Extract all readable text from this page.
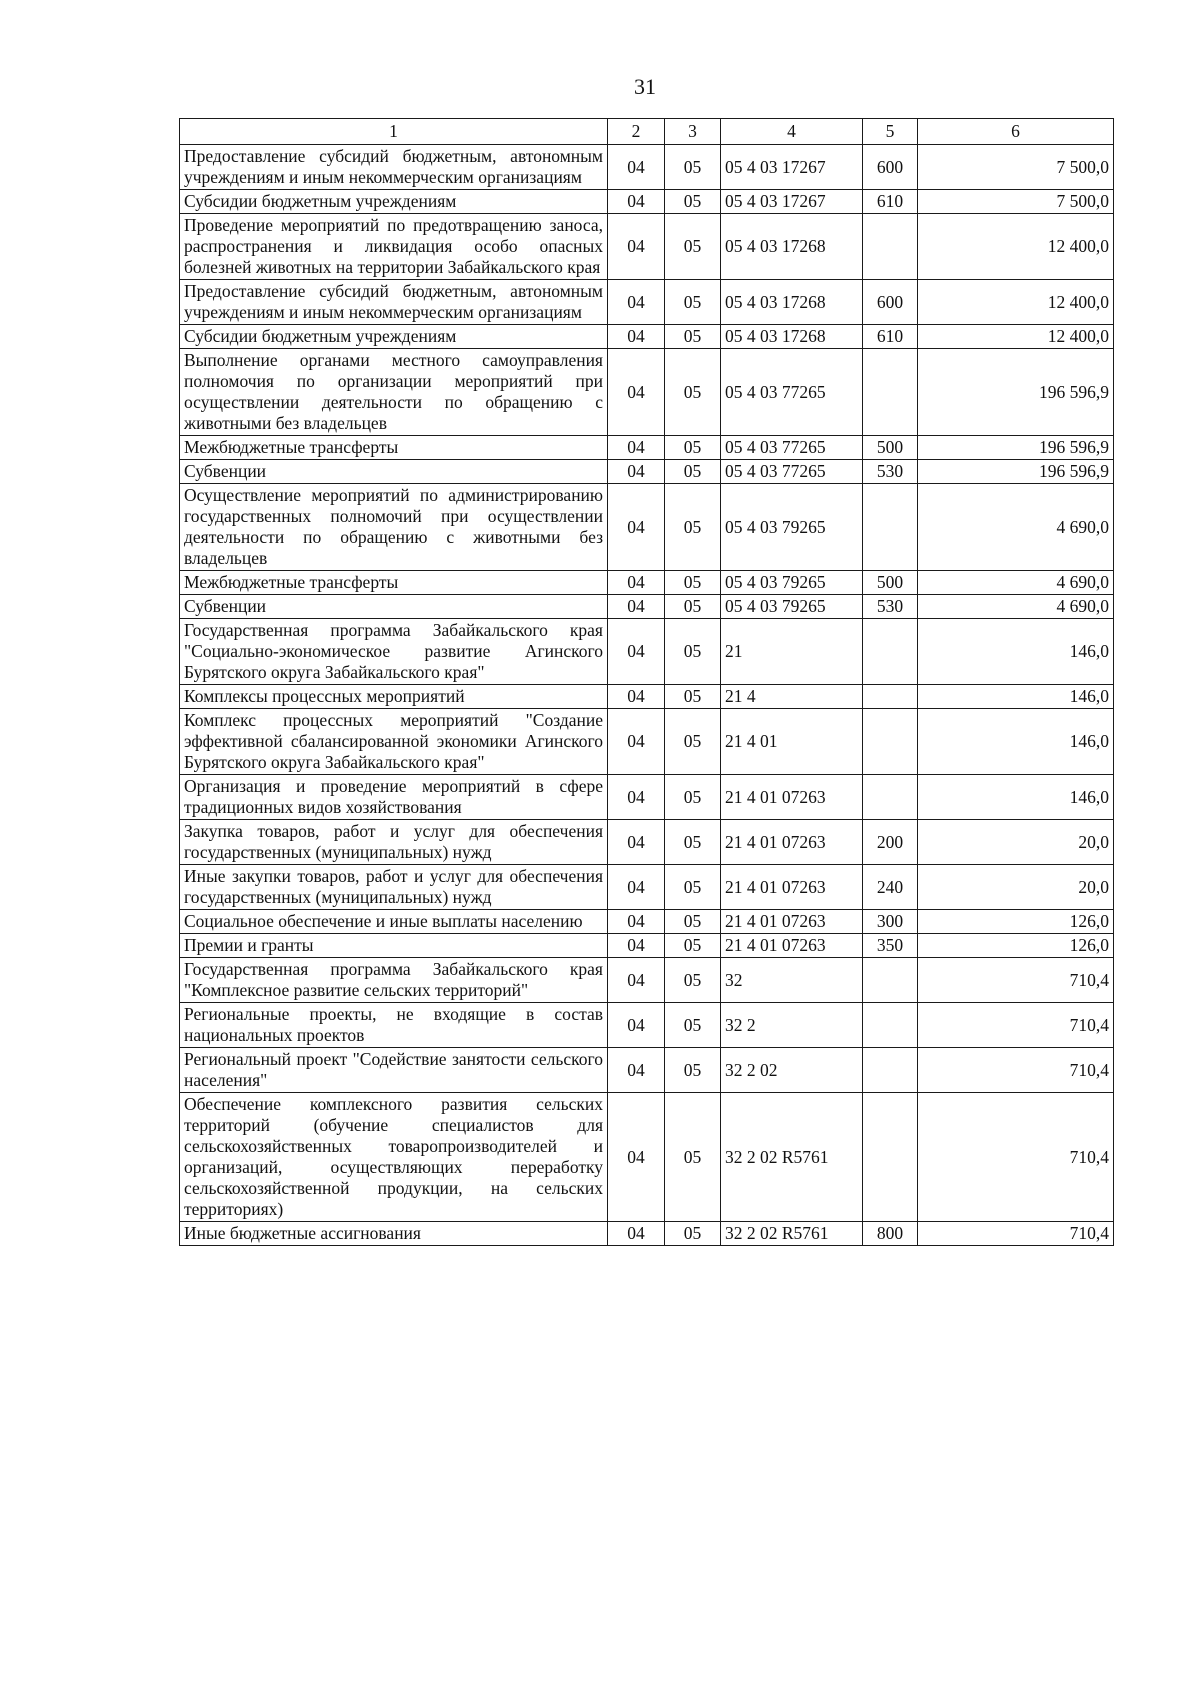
31
1	2	3	4	5	6
Предоставление субсидий бюджетным, автономным учреждениям и иным некоммерческим организациям	04	05	05 4 03 17267	600	7 500,0
Субсидии бюджетным учреждениям	04	05	05 4 03 17267	610	7 500,0
Проведение мероприятий по предотвращению заноса, распространения и ликвидация особо опасных болезней животных на территории Забайкальского края	04	05	05 4 03 17268		12 400,0
Предоставление субсидий бюджетным, автономным учреждениям и иным некоммерческим организациям	04	05	05 4 03 17268	600	12 400,0
Субсидии бюджетным учреждениям	04	05	05 4 03 17268	610	12 400,0
Выполнение органами местного самоуправления полномочия по организации мероприятий при осуществлении деятельности по обращению с животными без владельцев	04	05	05 4 03 77265		196 596,9
Межбюджетные трансферты	04	05	05 4 03 77265	500	196 596,9
Субвенции	04	05	05 4 03 77265	530	196 596,9
Осуществление мероприятий по администрированию государственных полномочий при осуществлении деятельности по обращению с животными без владельцев	04	05	05 4 03 79265		4 690,0
Межбюджетные трансферты	04	05	05 4 03 79265	500	4 690,0
Субвенции	04	05	05 4 03 79265	530	4 690,0
Государственная программа Забайкальского края "Социально-экономическое развитие Агинского Бурятского округа Забайкальского края"	04	05	21		146,0
Комплексы процессных мероприятий	04	05	21 4		146,0
Комплекс процессных мероприятий "Создание эффективной сбалансированной экономики Агинского Бурятского округа Забайкальского края"	04	05	21 4 01		146,0
Организация и проведение мероприятий в сфере традиционных видов хозяйствования	04	05	21 4 01 07263		146,0
Закупка товаров, работ и услуг для обеспечения государственных (муниципальных) нужд	04	05	21 4 01 07263	200	20,0
Иные закупки товаров, работ и услуг для обеспечения государственных (муниципальных) нужд	04	05	21 4 01 07263	240	20,0
Социальное обеспечение и иные выплаты населению	04	05	21 4 01 07263	300	126,0
Премии и гранты	04	05	21 4 01 07263	350	126,0
Государственная программа Забайкальского края "Комплексное развитие сельских территорий"	04	05	32		710,4
Региональные проекты, не входящие в состав национальных проектов	04	05	32 2		710,4
Региональный проект "Содействие занятости сельского населения"	04	05	32 2 02		710,4
Обеспечение комплексного развития сельских территорий (обучение специалистов для сельскохозяйственных товаропроизводителей и организаций, осуществляющих переработку сельскохозяйственной продукции, на сельских территориях)	04	05	32 2 02 R5761		710,4
Иные бюджетные ассигнования	04	05	32 2 02 R5761	800	710,4
